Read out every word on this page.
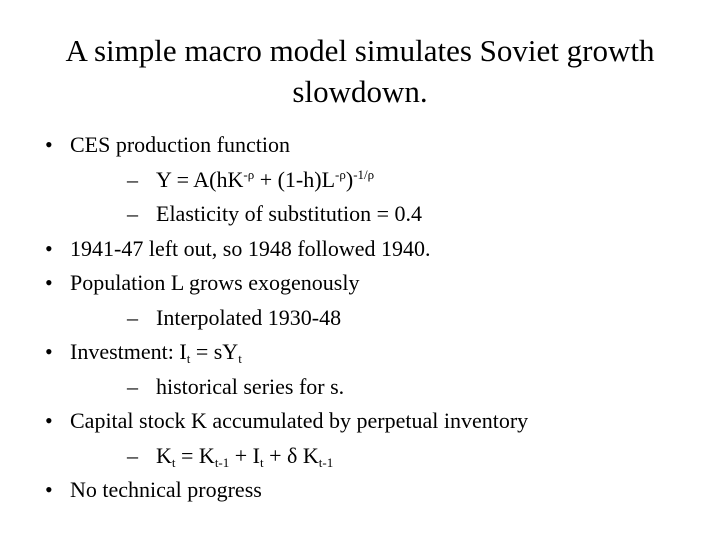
A simple macro model simulates Soviet growth
slowdown.
• CES production function
– $Y = A(hK^{-\rho} + (1-h)L^{-\rho})^{-1/\rho}$
– Elasticity of substitution = 0.4
• 1941-47 left out, so 1948 followed 1940.
• Population L grows exogenously
– Interpolated 1930-48
• Investment: $I_t = sY_t$
– historical series for s.
• Capital stock K accumulated by perpetual inventory
– $K_t = K_{t-1} + I_t + \delta$ $K_{t-1}$
• No technical progress
